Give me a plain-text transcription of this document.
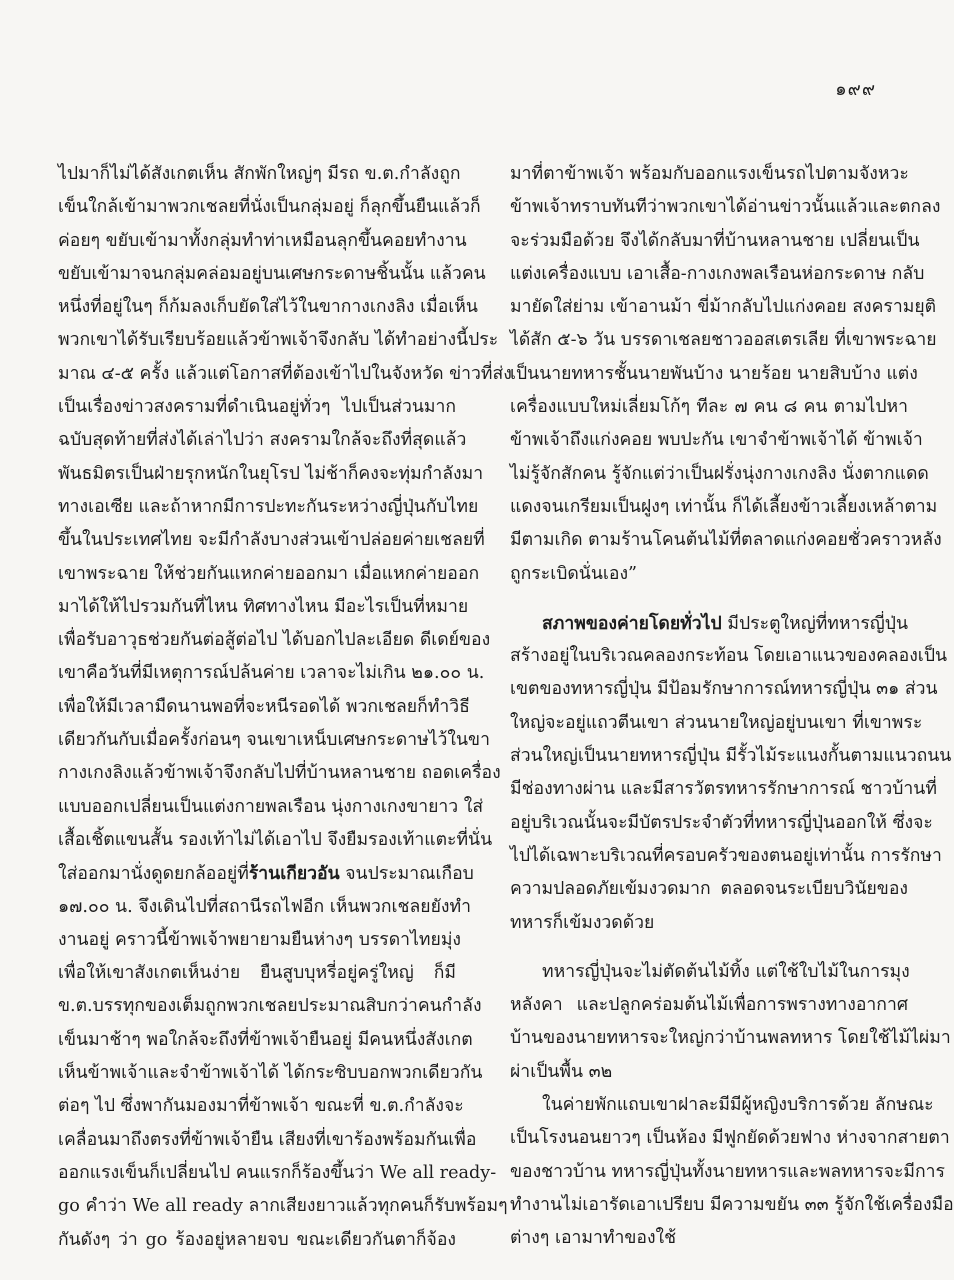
๑๙๙
ไปมาก็ไม่ได้สังเกตเห็น สักพักใหญ่ๆ มีรถ ข.ต.กำลังถูก
เข็นใกล้เข้ามาพวกเชลยที่นั่งเป็นกลุ่มอยู่ ก็ลุกขึ้นยืนแล้วก็
ค่อยๆ ขยับเข้ามาทั้งกลุ่มทำท่าเหมือนลุกขึ้นคอยทำงาน
ขยับเข้ามาจนกลุ่มคล่อมอยู่บนเศษกระดาษชิ้นนั้น แล้วคน
หนึ่งที่อยู่ในๆ ก็ก้มลงเก็บยัดใส่ไว้ในขากางเกงลิง เมื่อเห็น
พวกเขาได้รับเรียบร้อยแล้วข้าพเจ้าจึงกลับ ได้ทำอย่างนี้ประ
มาณ ๔-๕ ครั้ง แล้วแต่โอกาสที่ต้องเข้าไปในจังหวัด ข่าวที่ส่ง
เป็นเรื่องข่าวสงครามที่ดำเนินอยู่ทั่วๆ ไปเป็นส่วนมาก
ฉบับสุดท้ายที่ส่งได้เล่าไปว่า สงครามใกล้จะถึงที่สุดแล้ว
พันธมิตรเป็นฝ่ายรุกหนักในยุโรป ไม่ช้าก็คงจะทุ่มกำลังมา
ทางเอเซีย และถ้าหากมีการปะทะกันระหว่างญี่ปุ่นกับไทย
ขึ้นในประเทศไทย จะมีกำลังบางส่วนเข้าปล่อยค่ายเชลยที่
เขาพระฉาย ให้ช่วยกันแหกค่ายออกมา เมื่อแหกค่ายออก
มาได้ให้ไปรวมกันที่ไหน ทิศทางไหน มีอะไรเป็นที่หมาย
เพื่อรับอาวุธช่วยกันต่อสู้ต่อไป ได้บอกไปละเอียด ดีเดย์ของ
เขาคือวันที่มีเหตุการณ์ปล้นค่าย เวลาจะไม่เกิน ๒๑.๐๐ น.
เพื่อให้มีเวลามืดนานพอที่จะหนีรอดได้ พวกเชลยก็ทำวิธี
เดียวกันกับเมื่อครั้งก่อนๆ จนเขาเหน็บเศษกระดาษไว้ในขา
กางเกงลิงแล้วข้าพเจ้าจึงกลับไปที่บ้านหลานชาย ถอดเครื่อง
แบบออกเปลี่ยนเป็นแต่งกายพลเรือน นุ่งกางเกงขายาว ใส่
เสื้อเชิ้ตแขนสั้น รองเท้าไม่ได้เอาไป จึงยืมรองเท้าแตะที่นั่น
ใส่ออกมานั่งดูดยกล้ออยู่ที่ร้านเกียวอัน จนประมาณเกือบ
๑๗.๐๐ น. จึงเดินไปที่สถานีรถไฟอีก เห็นพวกเชลยยังทำ
งานอยู่ คราวนี้ข้าพเจ้าพยายามยืนห่างๆ บรรดาไทยมุ่ง
เพื่อให้เขาสังเกตเห็นง่าย ยืนสูบบุหรี่อยู่ครู่ใหญ่ ก็มี
ข.ต.บรรทุกของเต็มถูกพวกเชลยประมาณสิบกว่าคนกำลัง
เข็นมาช้าๆ พอใกล้จะถึงที่ข้าพเจ้ายืนอยู่ มีคนหนึ่งสังเกต
เห็นข้าพเจ้าและจำข้าพเจ้าได้ ได้กระซิบบอกพวกเดียวกัน
ต่อๆ ไป ซึ่งพากันมองมาที่ข้าพเจ้า ขณะที่ ข.ต.กำลังจะ
เคลื่อนมาถึงตรงที่ข้าพเจ้ายืน เสียงที่เขาร้องพร้อมกันเพื่อ
ออกแรงเข็นก็เปลี่ยนไป คนแรกก็ร้องขึ้นว่า We all ready-
go คำว่า We all ready ลากเสียงยาวแล้วทุกคนก็รับพร้อมๆ
กันดังๆ ว่า go ร้องอยู่หลายจบ ขณะเดียวกันตาก็จ้อง
มาที่ตาข้าพเจ้า พร้อมกับออกแรงเข็นรถไปตามจังหวะ
ข้าพเจ้าทราบทันทีว่าพวกเขาได้อ่านข่าวนั้นแล้วและตกลง
จะร่วมมือด้วย จึงได้กลับมาที่บ้านหลานชาย เปลี่ยนเป็น
แต่งเครื่องแบบ เอาเสื้อ-กางเกงพลเรือนห่อกระดาษ กลับ
มายัดใส่ย่าม เข้าอานม้า ขี่ม้ากลับไปแก่งคอย สงครามยุติ
ได้สัก ๕-๖ วัน บรรดาเชลยชาวออสเตรเลีย ที่เขาพระฉาย
เป็นนายทหารชั้นนายพันบ้าง นายร้อย นายสิบบ้าง แต่ง
เครื่องแบบใหม่เลี่ยมโก้ๆ ทีละ ๗ คน ๘ คน ตามไปหา
ข้าพเจ้าถึงแก่งคอย พบปะกัน เขาจำข้าพเจ้าได้ ข้าพเจ้า
ไม่รู้จักสักคน รู้จักแต่ว่าเป็นฝรั่งนุ่งกางเกงลิง นั่งตากแดด
แดงจนเกรียมเป็นฝูงๆ เท่านั้น ก็ได้เลี้ยงข้าวเลี้ยงเหล้าตาม
มีตามเกิด ตามร้านโคนต้นไม้ที่ตลาดแก่งคอยชั่วคราวหลัง
ถูกระเบิดนั่นเอง”
สภาพของค่ายโดยทั่วไป มีประตูใหญ่ที่ทหารญี่ปุ่น
สร้างอยู่ในบริเวณคลองกระท้อน โดยเอาแนวของคลองเป็น
เขตของทหารญี่ปุ่น มีป้อมรักษาการณ์ทหารญี่ปุ่น ๓๑ ส่วน
ใหญ่จะอยู่แถวตีนเขา ส่วนนายใหญ่อยู่บนเขา ที่เขาพระ
ส่วนใหญ่เป็นนายทหารญี่ปุ่น มีรั้วไม้ระแนงกั้นตามแนวถนน
มีช่องทางผ่าน และมีสารวัตรทหารรักษาการณ์ ชาวบ้านที่
อยู่บริเวณนั้นจะมีบัตรประจำตัวที่ทหารญี่ปุ่นออกให้ ซึ่งจะ
ไปได้เฉพาะบริเวณที่ครอบครัวของตนอยู่เท่านั้น การรักษา
ความปลอดภัยเข้มงวดมาก ตลอดจนระเบียบวินัยของ
ทหารก็เข้มงวดด้วย
ทหารญี่ปุ่นจะไม่ตัดต้นไม้ทิ้ง แต่ใช้ใบไม้ในการมุง
หลังคา และปลูกคร่อมต้นไม้เพื่อการพรางทางอากาศ
บ้านของนายทหารจะใหญ่กว่าบ้านพลทหาร โดยใช้ไม้ไผ่มา
ผ่าเป็นพื้น ๓๒
ในค่ายพักแถบเขาฝาละมีมีผู้หญิงบริการด้วย ลักษณะ
เป็นโรงนอนยาวๆ เป็นห้อง มีฟูกยัดด้วยฟาง ห่างจากสายตา
ของชาวบ้าน ทหารญี่ปุ่นทั้งนายทหารและพลทหารจะมีการ
ทำงานไม่เอารัดเอาเปรียบ มีความขยัน ๓๓ รู้จักใช้เครื่องมือ
ต่างๆ เอามาทำของใช้
